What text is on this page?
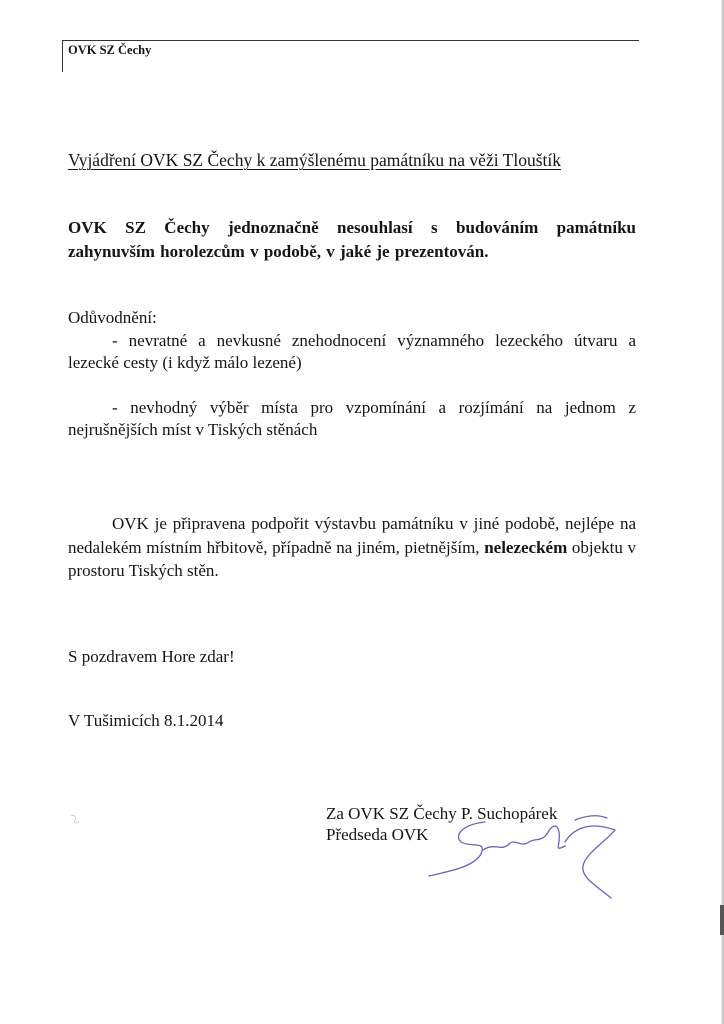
OVK SZ Čechy
Vyjádření OVK SZ Čechy k zamýšlenému památníku na věži Tlouštík
OVK SZ Čechy jednoznačně nesouhlasí s budováním památníku zahynuvším horolezcům v podobě, v jaké je prezentován.
Odůvodnění:
- nevratné a nevkusné znehodnocení významného lezeckého útvaru a lezecké cesty (i když málo lezené)
- nevhodný výběr místa pro vzpomínání a rozjímání na jednom z nejrušnějších míst v Tiských stěnách
OVK je připravena podpořit výstavbu památníku v jiné podobě, nejlépe na nedalekém místním hřbitově, případně na jiném, pietnějším, nelezeckém objektu v prostoru Tiských stěn.
S pozdravem Hore zdar!
V Tušimicích 8.1.2014
Za OVK SZ Čechy P. Suchopárek
Předseda OVK
